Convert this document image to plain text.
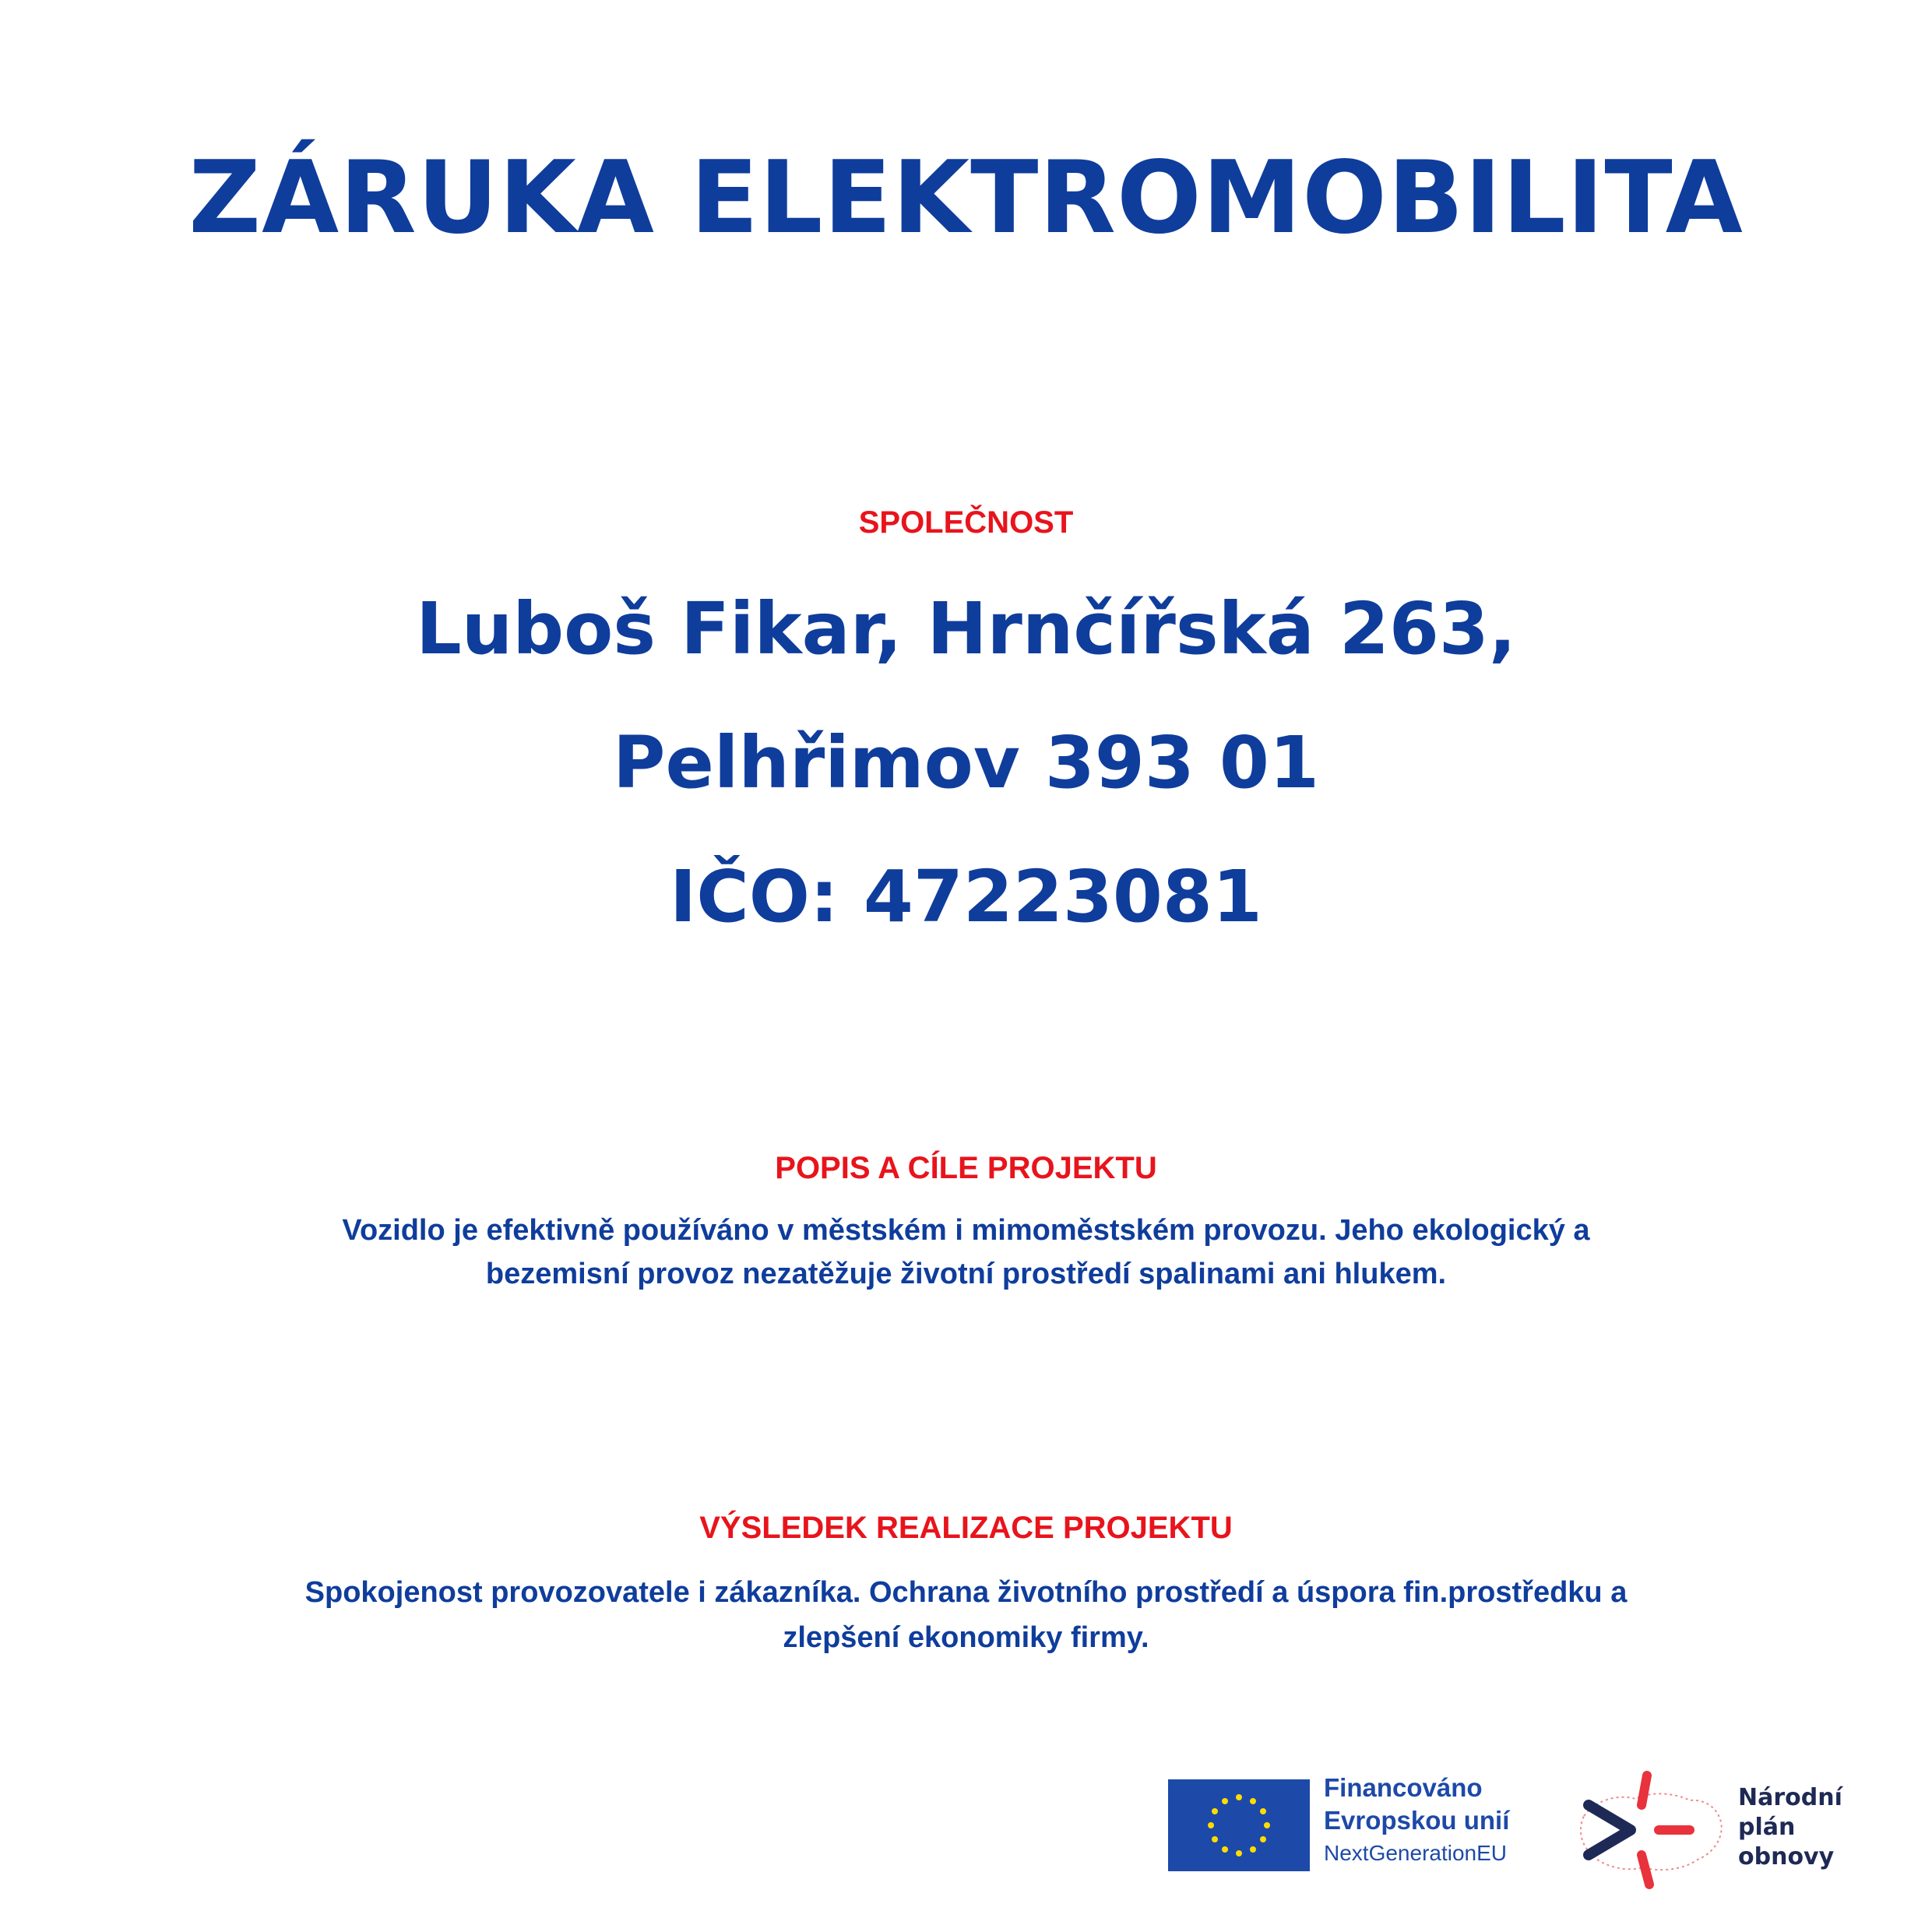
ZÁRUKA ELEKTROMOBILITA
SPOLEČNOST
Luboš Fikar, Hrnčířská 263,
Pelhřimov 393 01
IČO: 47223081
POPIS A CÍLE PROJEKTU
Vozidlo je efektivně používáno v městském i mimoměstském provozu. Jeho ekologický a
bezemisní provoz nezatěžuje životní prostředí spalinami ani hlukem.
VÝSLEDEK REALIZACE PROJEKTU
Spokojenost provozovatele i zákazníka. Ochrana životního prostředí a úspora fin.prostředku a
zlepšení ekonomiky firmy.
Financováno
Evropskou unií
NextGenerationEU
Národní
plán
obnovy
